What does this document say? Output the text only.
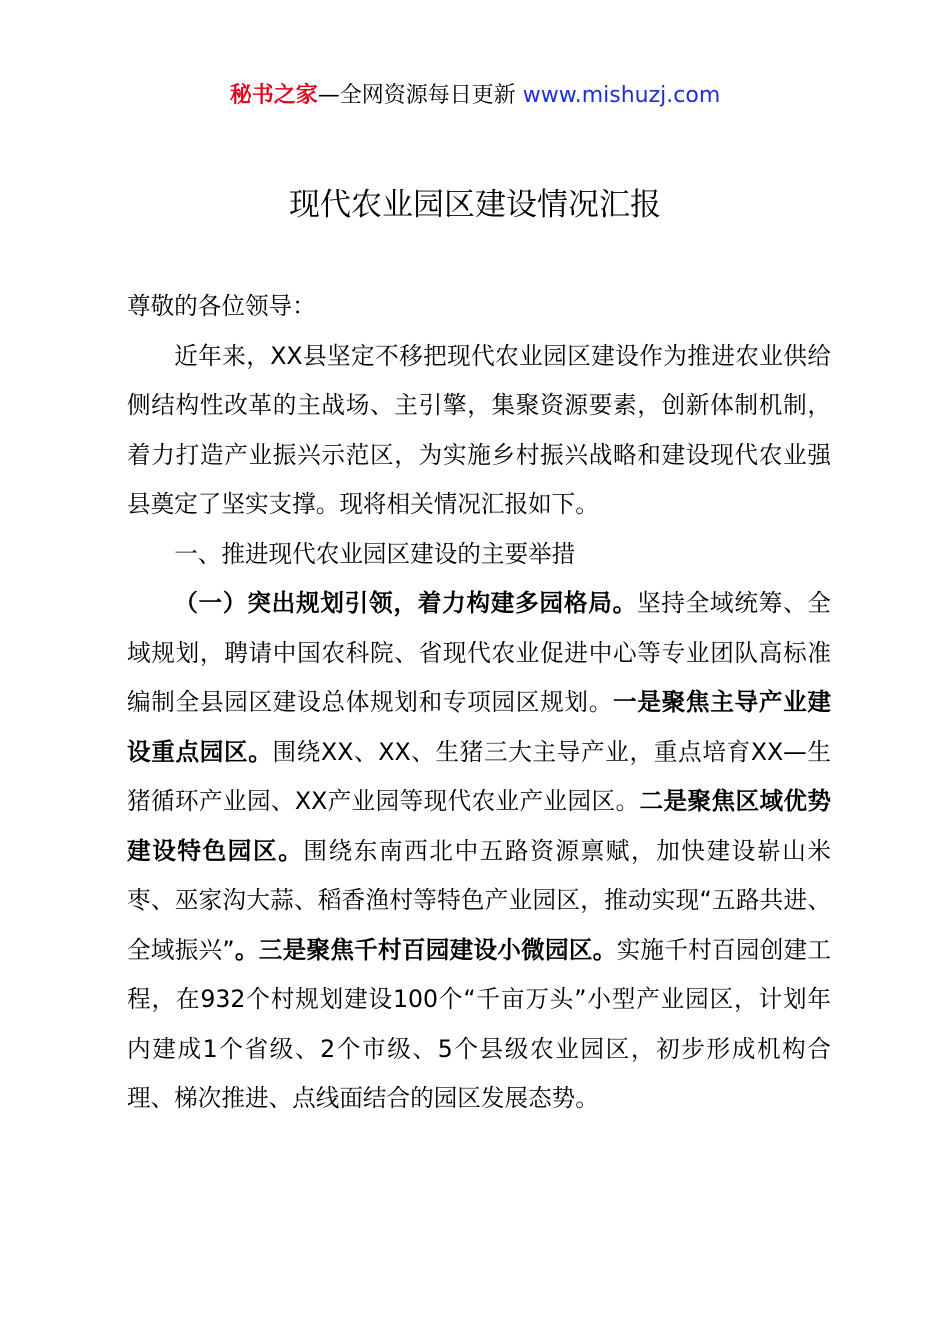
秘书之家—全网资源每日更新 www.mishuzj.com
现代农业园区建设情况汇报

尊敬的各位领导：

近年来，XX县坚定不移把现代农业园区建设作为推进农业供给侧结构性改革的主战场、主引擎，集聚资源要素，创新体制机制，着力打造产业振兴示范区，为实施乡村振兴战略和建设现代农业强县奠定了坚实支撑。现将相关情况汇报如下。

一、推进现代农业园区建设的主要举措

（一）突出规划引领，着力构建多园格局。坚持全域统筹、全域规划，聘请中国农科院、省现代农业促进中心等专业团队高标准编制全县园区建设总体规划和专项园区规划。一是聚焦主导产业建设重点园区。围绕XX、XX、生猪三大主导产业，重点培育XX—生猪循环产业园、XX产业园等现代农业产业园区。二是聚焦区域优势建设特色园区。围绕东南西北中五路资源禀赋，加快建设崭山米枣、巫家沟大蒜、稻香渔村等特色产业园区，推动实现“五路共进、全域振兴”。三是聚焦千村百园建设小微园区。实施千村百园创建工程，在932个村规划建设100个“千亩万头”小型产业园区，计划年内建成1个省级、2个市级、5个县级农业园区，初步形成机构合理、梯次推进、点线面结合的园区发展态势。
